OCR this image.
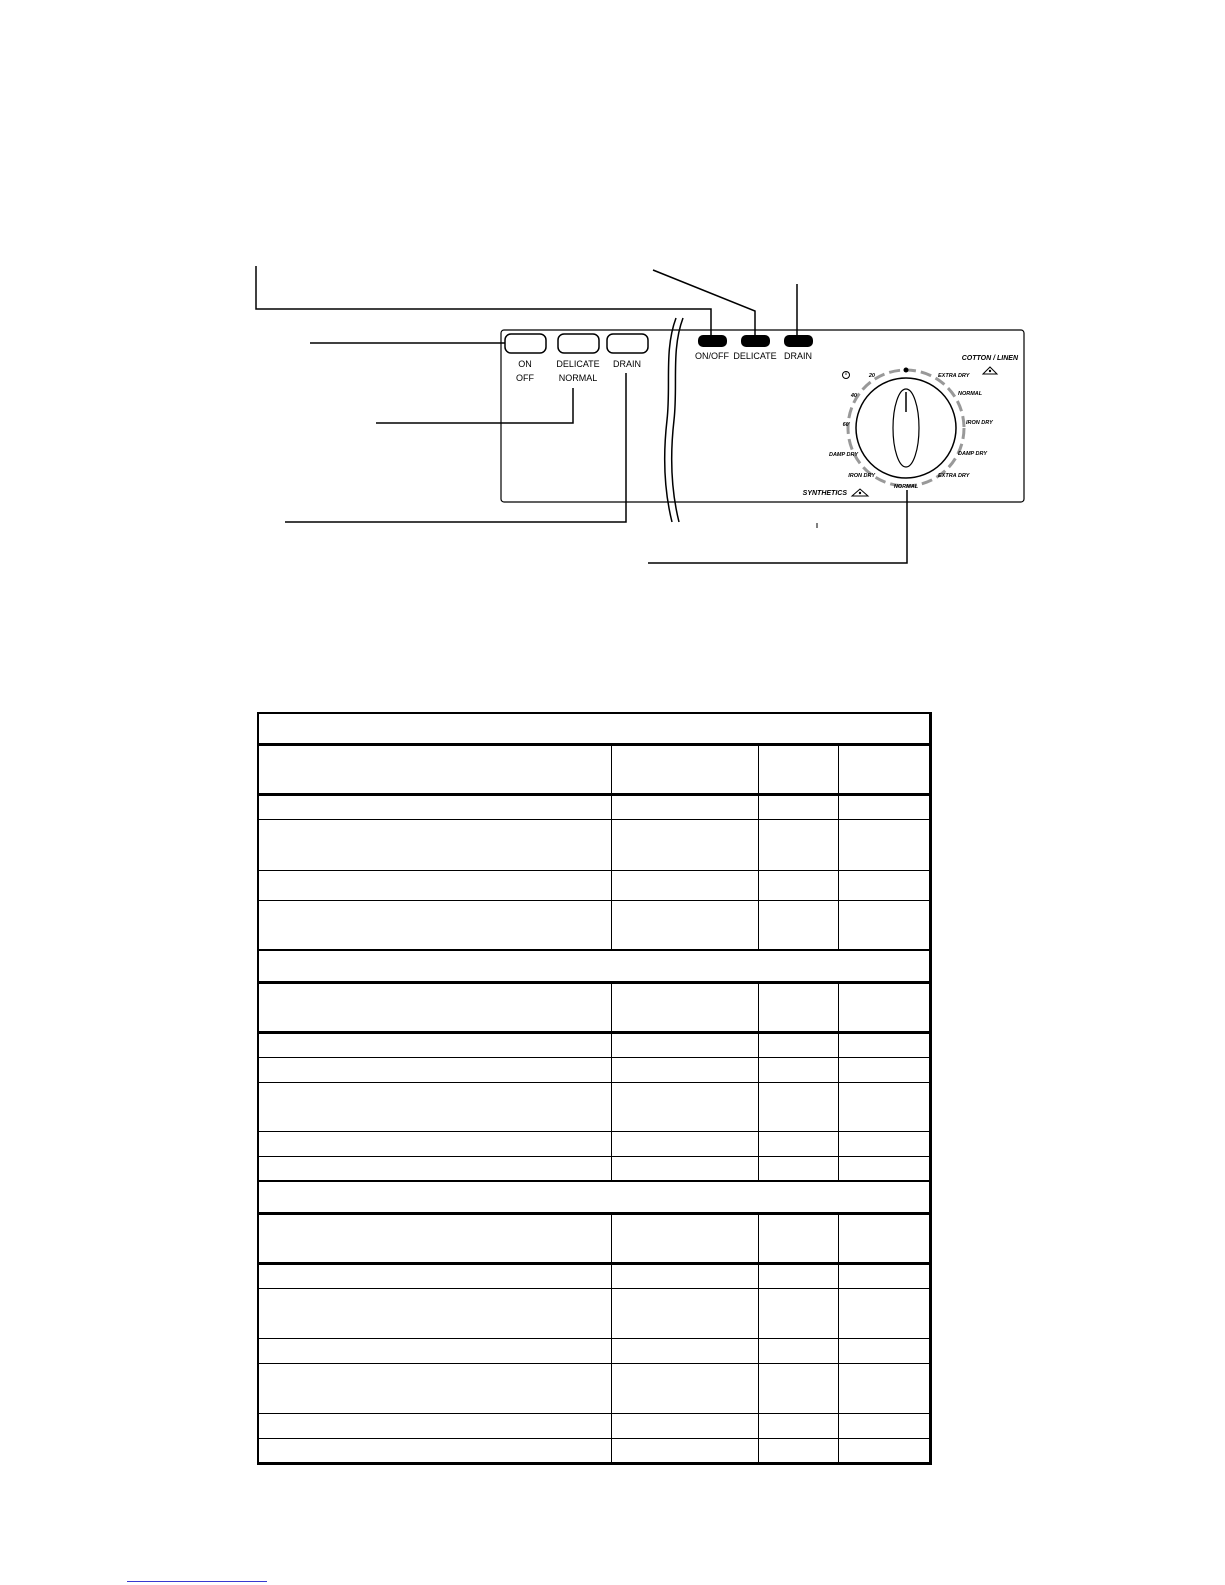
ON
OFF
DELICATE
NORMAL
DRAIN
ON/OFF DELICATE DRAIN	COTTON / LINEN
SYNTHETICS
EXTRA DRY
NORMAL
IRON DRY
DAMP DRY
EXTRA DRY
NORMAL
IRON DRY
DAMP DRY
20
40
60'
